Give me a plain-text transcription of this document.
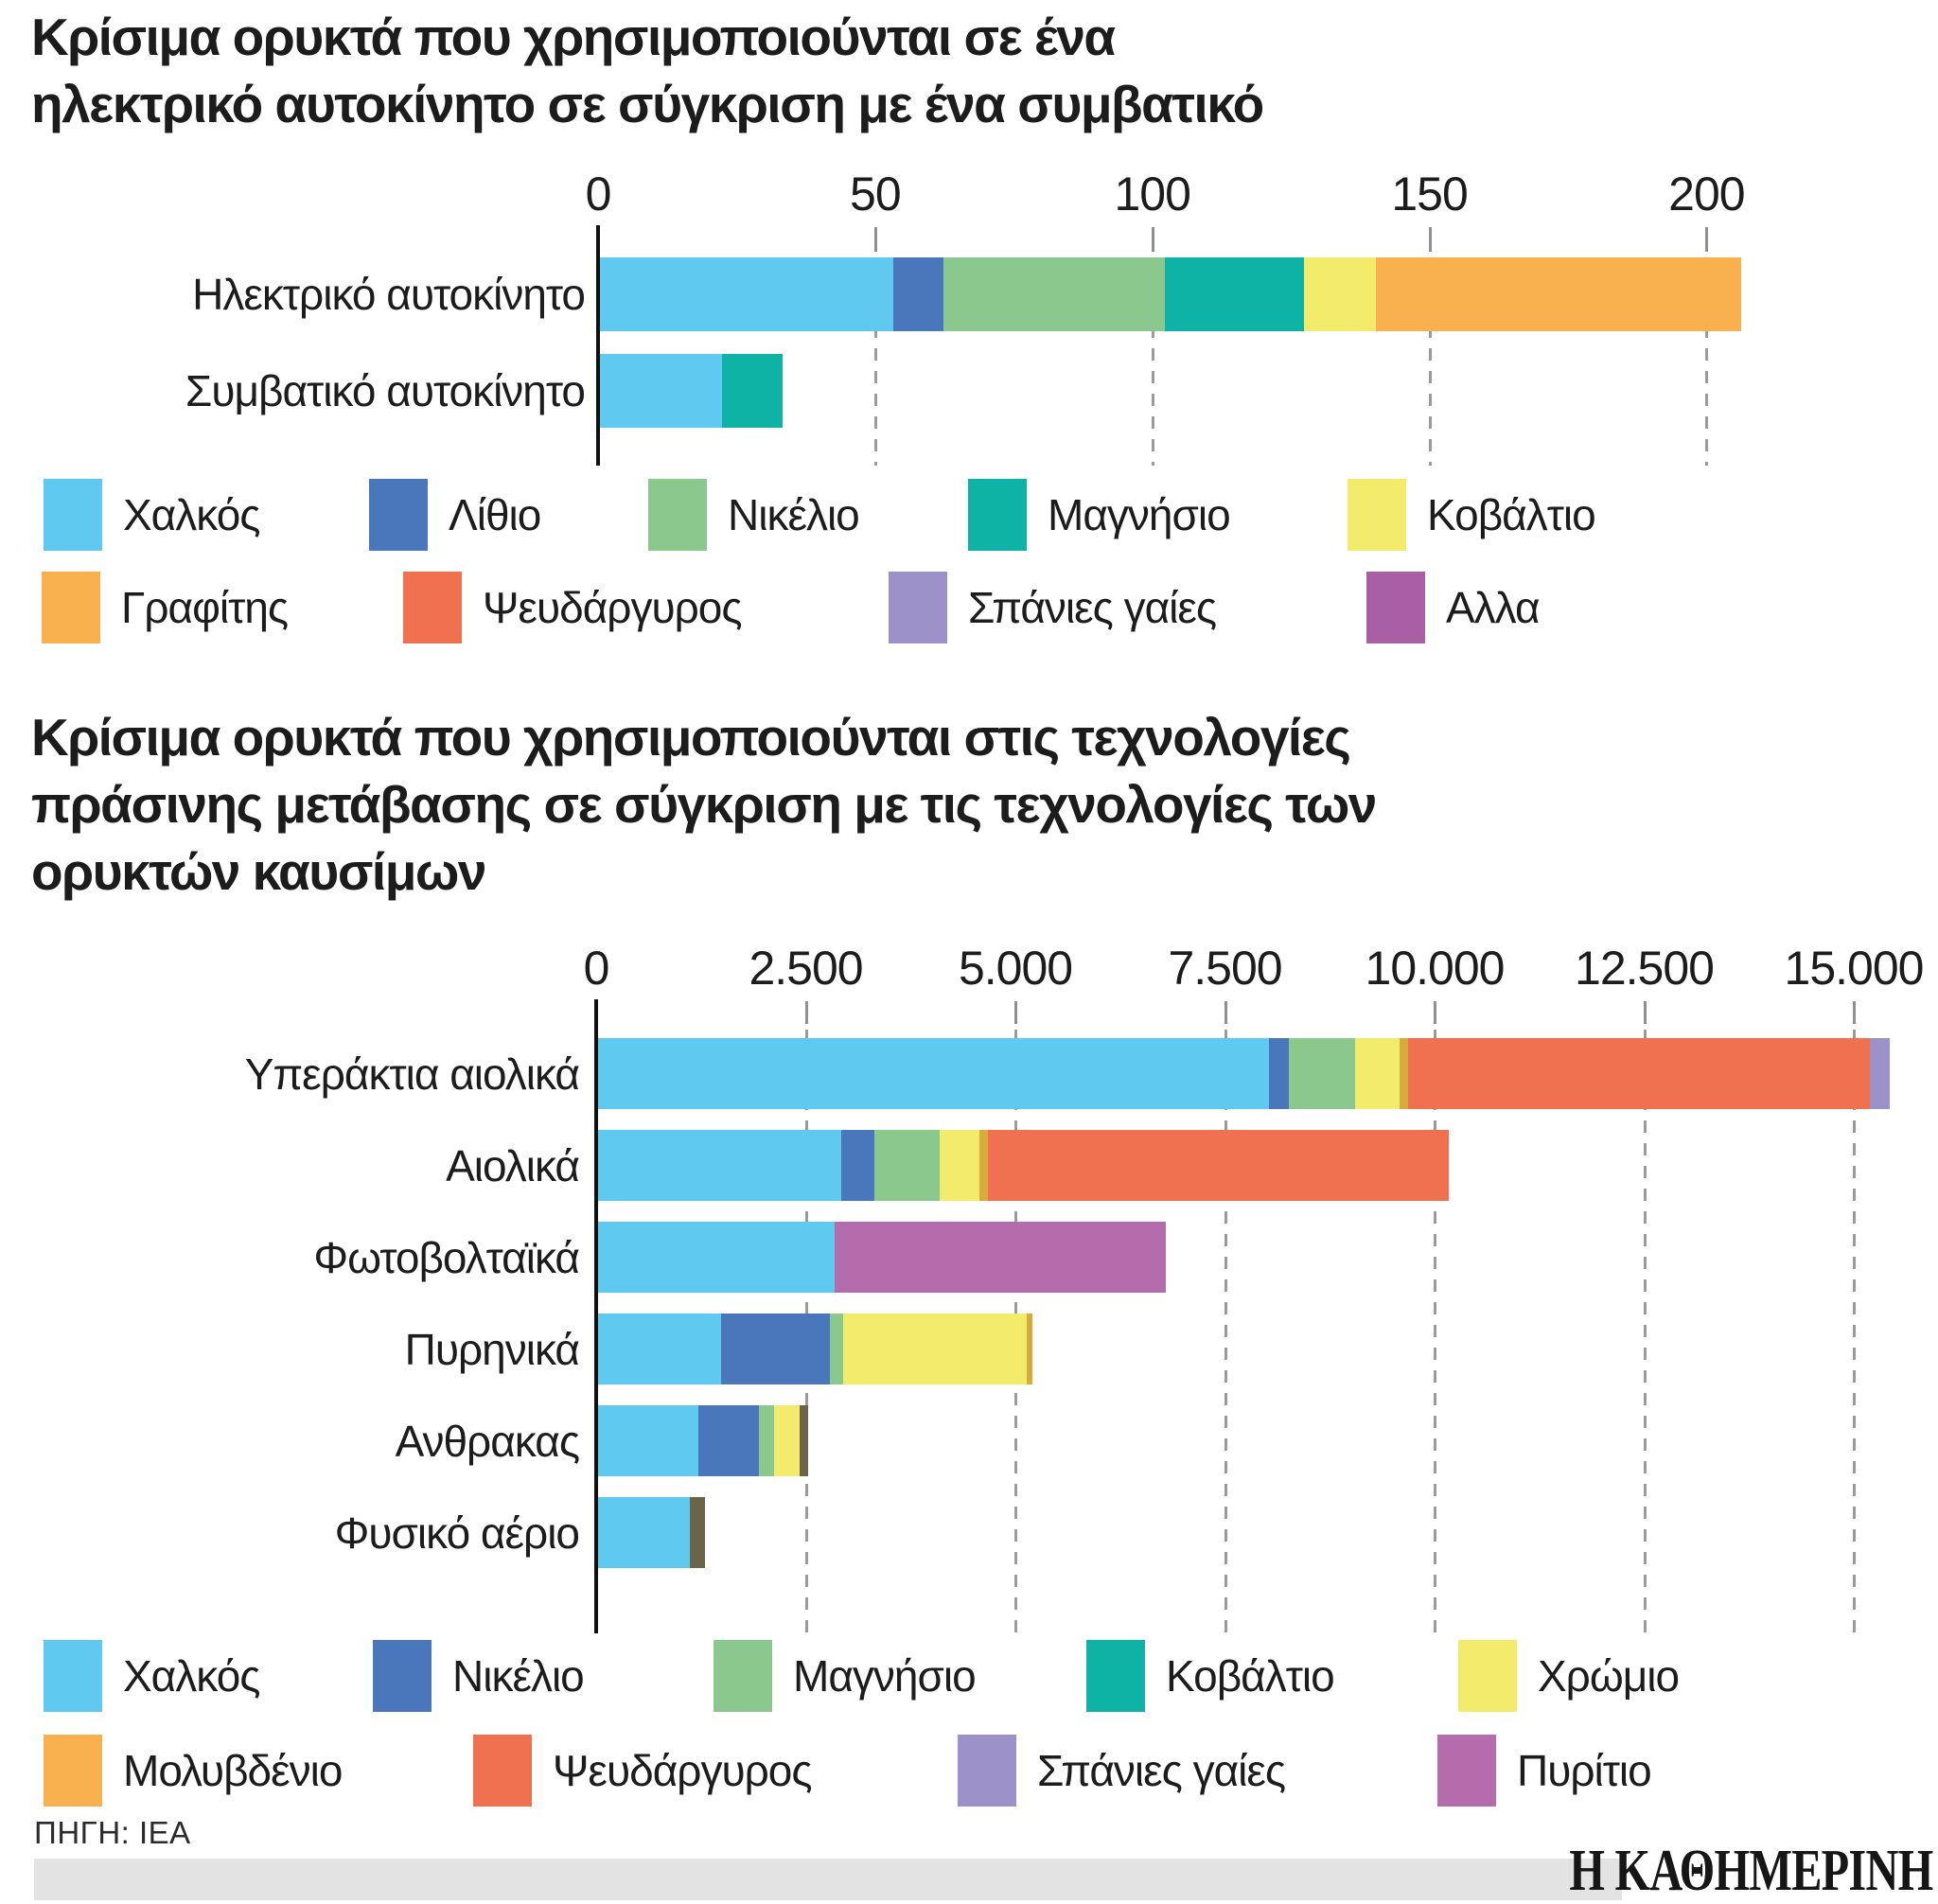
Κρίσιμα ορυκτά που χρησιμοποιούνται σε ένα
ηλεκτρικό αυτοκίνητο σε σύγκριση με ένα συμβατικό
0	50	100	150	200
Ηλεκτρικό αυτοκίνητο
Συμβατικό αυτοκίνητο
Χαλκός	Λίθιο	Νικέλιο	Μαγνήσιο	Κοβάλτιο
Γραφίτης	Ψευδάργυρος	Σπάνιες γαίες	Αλλα
Κρίσιμα ορυκτά που χρησιμοποιούνται στις τεχνολογίες
πράσινης μετάβασης σε σύγκριση με τις τεχνολογίες των
ορυκτών καυσίμων
0	2.500 5.000 7.500 10.000 12.500 15.000
Υπεράκτια αιολικά
Αιολικά
Φωτοβολταϊκά
Πυρηνικά
Ανθρακας
Φυσικό αέριο
Χαλκός	Νικέλιο	Μαγνήσιο	Κοβάλτιο	Χρώμιο
Μολυβδένιο	Ψευδάργυρος	Σπάνιες γαίες	Πυρίτιο
ΠΗΓΗ: ΙΕΑ
Η ΚΑΘΗΜΕΡΙΝΗ
